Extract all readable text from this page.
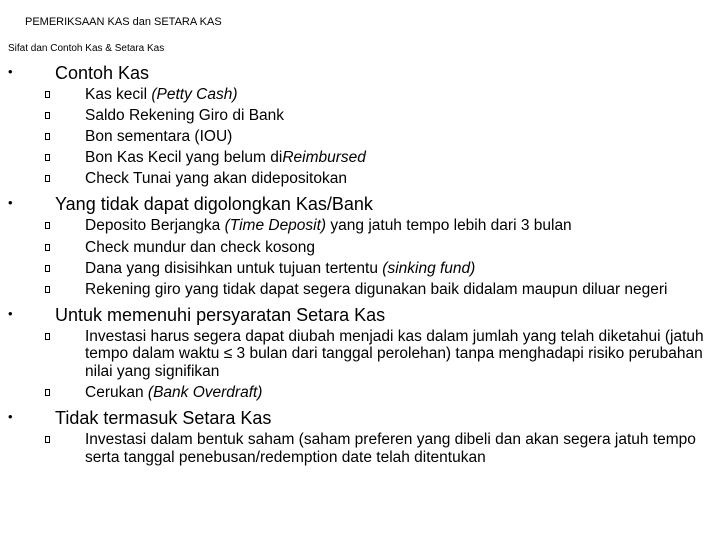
PEMERIKSAAN KAS dan SETARA KAS
Sifat dan Contoh Kas & Setara Kas
• Contoh Kas
Kas kecil (Petty Cash)
Saldo Rekening Giro di Bank
Bon sementara (IOU)
Bon Kas Kecil yang belum diReimbursed
Check Tunai yang akan didepositokan
• Yang tidak dapat digolongkan Kas/Bank
Deposito Berjangka (Time Deposit) yang jatuh tempo lebih dari 3 bulan
Check mundur dan check kosong
Dana yang disisihkan untuk tujuan tertentu (sinking fund)
Rekening giro yang tidak dapat segera digunakan baik didalam maupun diluar negeri
• Untuk memenuhi persyaratan Setara Kas
Investasi harus segera dapat diubah menjadi kas dalam jumlah yang telah diketahui (jatuh tempo dalam waktu ≤ 3 bulan dari tanggal perolehan) tanpa menghadapi risiko perubahan nilai yang signifikan
Cerukan (Bank Overdraft)
• Tidak termasuk Setara Kas
Investasi dalam bentuk saham (saham preferen yang dibeli dan akan segera jatuh tempo serta tanggal penebusan/redemption date telah ditentukan
